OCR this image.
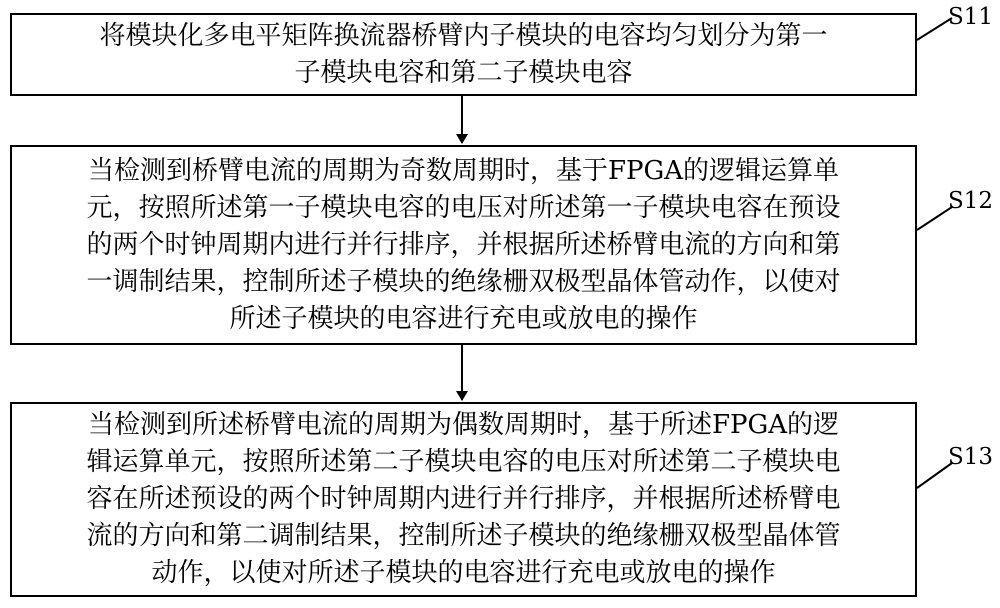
将模块化多电平矩阵换流器桥臂内子模块的电容均匀划分为第一
子模块电容和第二子模块电容
当检测到桥臂电流的周期为奇数周期时，基于FPGA的逻辑运算单
元，按照所述第一子模块电容的电压对所述第一子模块电容在预设
的两个时钟周期内进行并行排序，并根据所述桥臂电流的方向和第
一调制结果，控制所述子模块的绝缘栅双极型晶体管动作，以使对
所述子模块的电容进行充电或放电的操作
当检测到所述桥臂电流的周期为偶数周期时，基于所述FPGA的逻
辑运算单元，按照所述第二子模块电容的电压对所述第二子模块电
容在所述预设的两个时钟周期内进行并行排序，并根据所述桥臂电
流的方向和第二调制结果，控制所述子模块的绝缘栅双极型晶体管
动作，以使对所述子模块的电容进行充电或放电的操作
S11
S12
S13
